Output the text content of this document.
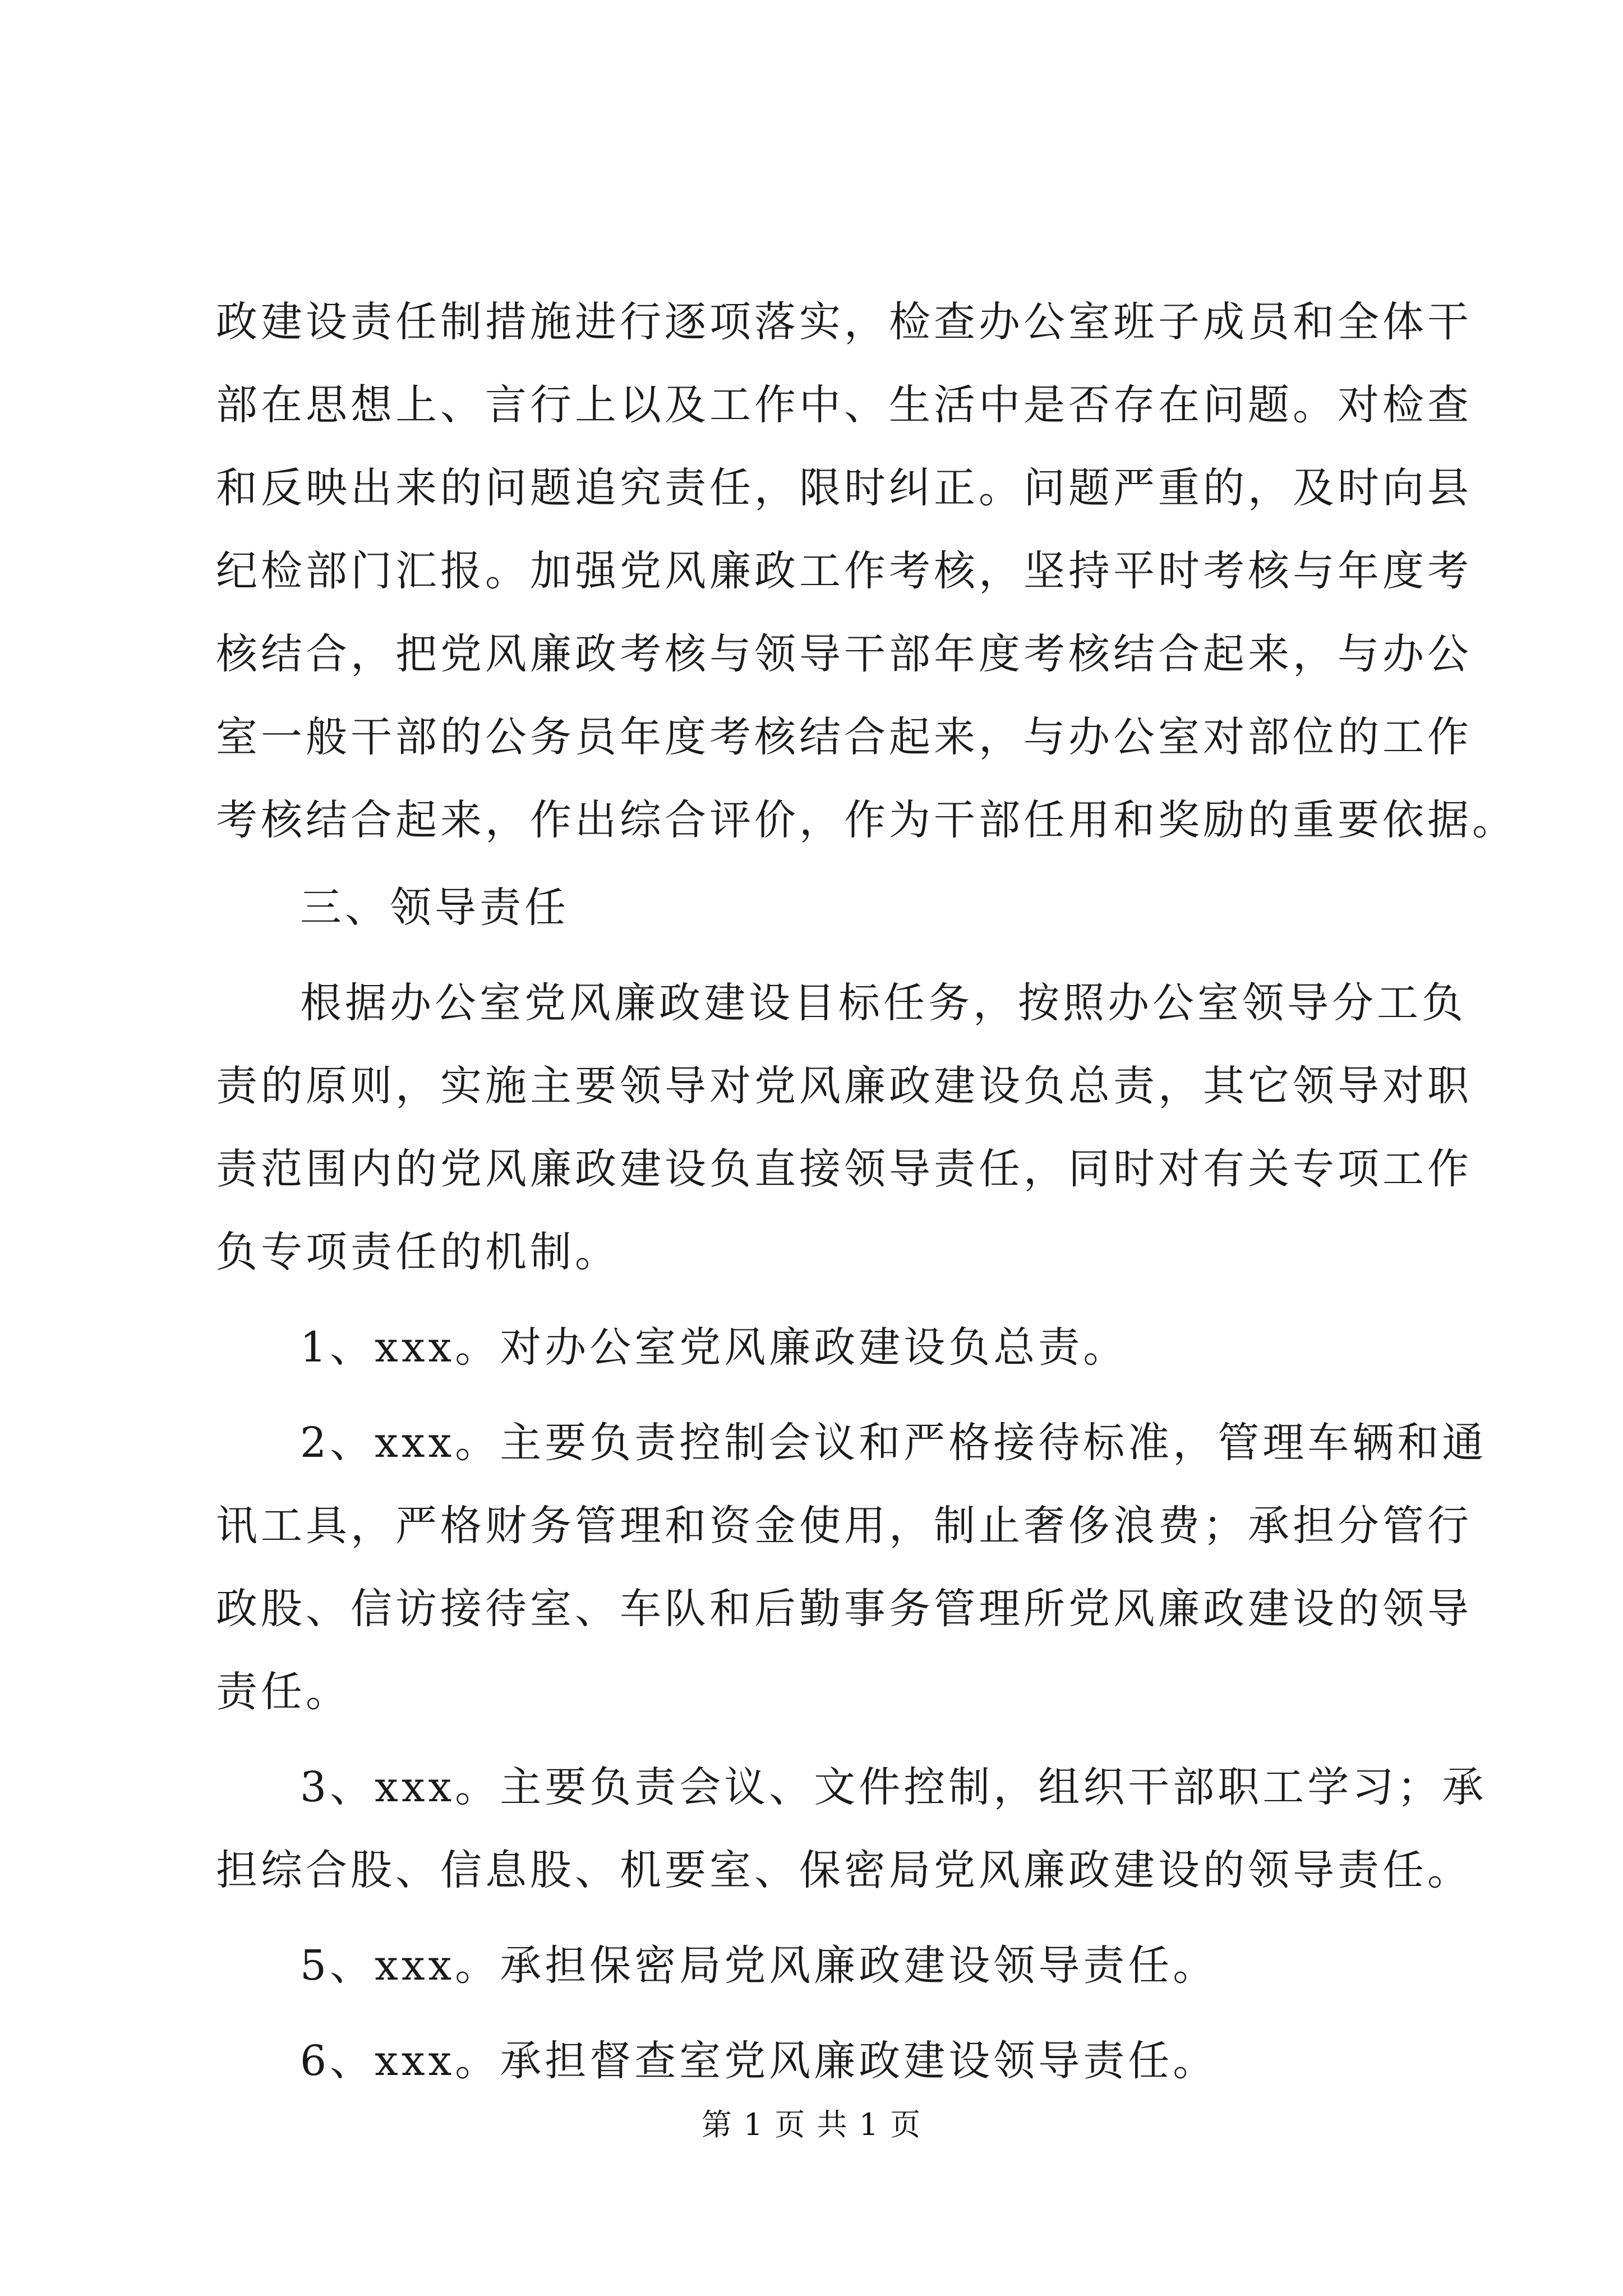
政建设责任制措施进行逐项落实，检查办公室班子成员和全体干
部在思想上、言行上以及工作中、生活中是否存在问题。对检查
和反映出来的问题追究责任，限时纠正。问题严重的，及时向县
纪检部门汇报。加强党风廉政工作考核，坚持平时考核与年度考
核结合，把党风廉政考核与领导干部年度考核结合起来，与办公
室一般干部的公务员年度考核结合起来，与办公室对部位的工作
考核结合起来，作出综合评价，作为干部任用和奖励的重要依据。
三、领导责任
根据办公室党风廉政建设目标任务，按照办公室领导分工负
责的原则，实施主要领导对党风廉政建设负总责，其它领导对职
责范围内的党风廉政建设负直接领导责任，同时对有关专项工作
负专项责任的机制。
1、xxx。对办公室党风廉政建设负总责。
2、xxx。主要负责控制会议和严格接待标准，管理车辆和通
讯工具，严格财务管理和资金使用，制止奢侈浪费；承担分管行
政股、信访接待室、车队和后勤事务管理所党风廉政建设的领导
责任。
3、xxx。主要负责会议、文件控制，组织干部职工学习；承
担综合股、信息股、机要室、保密局党风廉政建设的领导责任。
5、xxx。承担保密局党风廉政建设领导责任。
6、xxx。承担督查室党风廉政建设领导责任。
第 1 页 共 1 页
